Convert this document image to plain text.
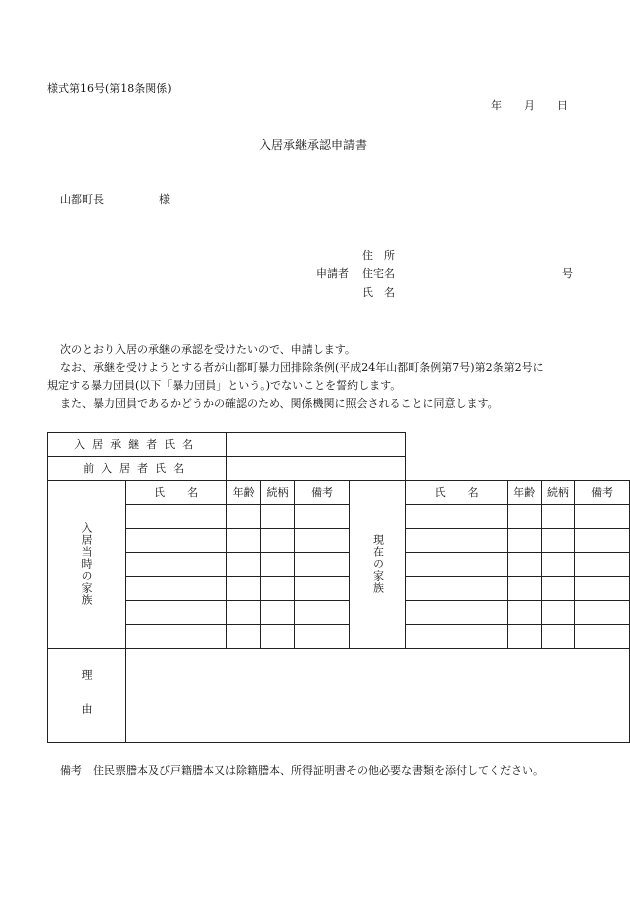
様式第16号(第18条関係)
年　　月　　日
入居承継承認申請書
山都町長　　　　　様
住　所
申請者 住宅名	号
氏　名
次のとおり入居の承継の承認を受けたいので、申請します。
なお、承継を受けようとする者が山都町暴力団排除条例(平成24年山都町条例第7号)第2条第2号に
規定する暴力団員(以下「暴力団員」という。)でないことを誓約します。
また、暴力団員であるかどうかの確認のため、関係機関に照会されることに同意します。
入居承継者氏名									
前入居者氏名									
入居当時の家族	氏　　名	年齢	続柄	備考	現在の家族	氏　　名	年齢	続柄	備考

理　由									
備考　住民票謄本及び戸籍謄本又は除籍謄本、所得証明書その他必要な書類を添付してください。
